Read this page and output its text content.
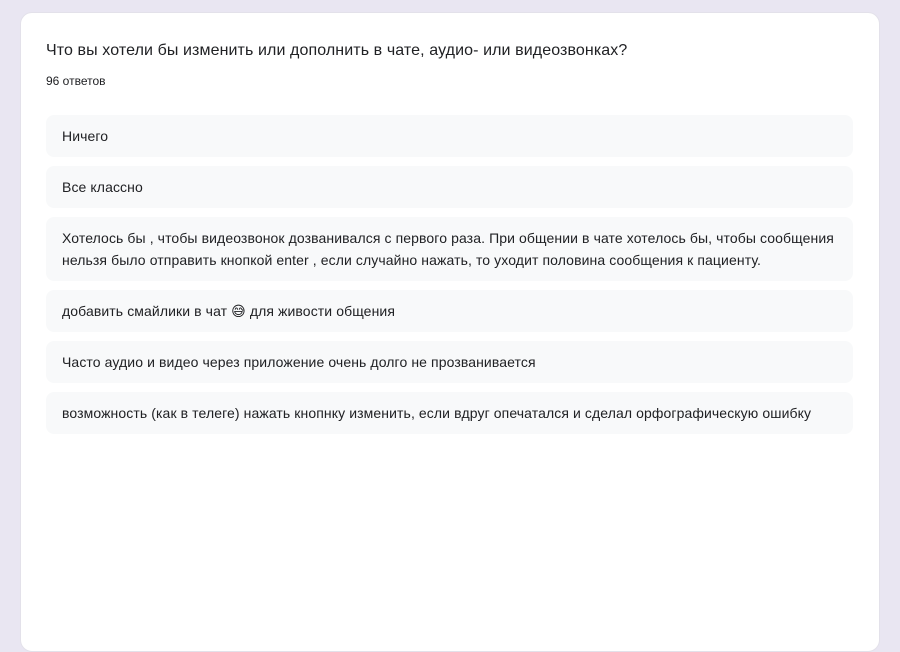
Что вы хотели бы изменить или дополнить в чате, аудио- или видеозвонках?
96 ответов
Ничего
Все классно
Хотелось бы , чтобы видеозвонок дозванивался с первого раза. При общении в чате хотелось бы, чтобы сообщения нельзя было отправить кнопкой enter , если случайно нажать, то уходит половина сообщения к пациенту.
добавить смайлики в чат 😅 для живости общения
Часто аудио и видео через приложение очень долго не прозванивается
возможность (как в телеге) нажать кнопнку изменить, если вдруг опечатался и сделал орфографическую ошибку
